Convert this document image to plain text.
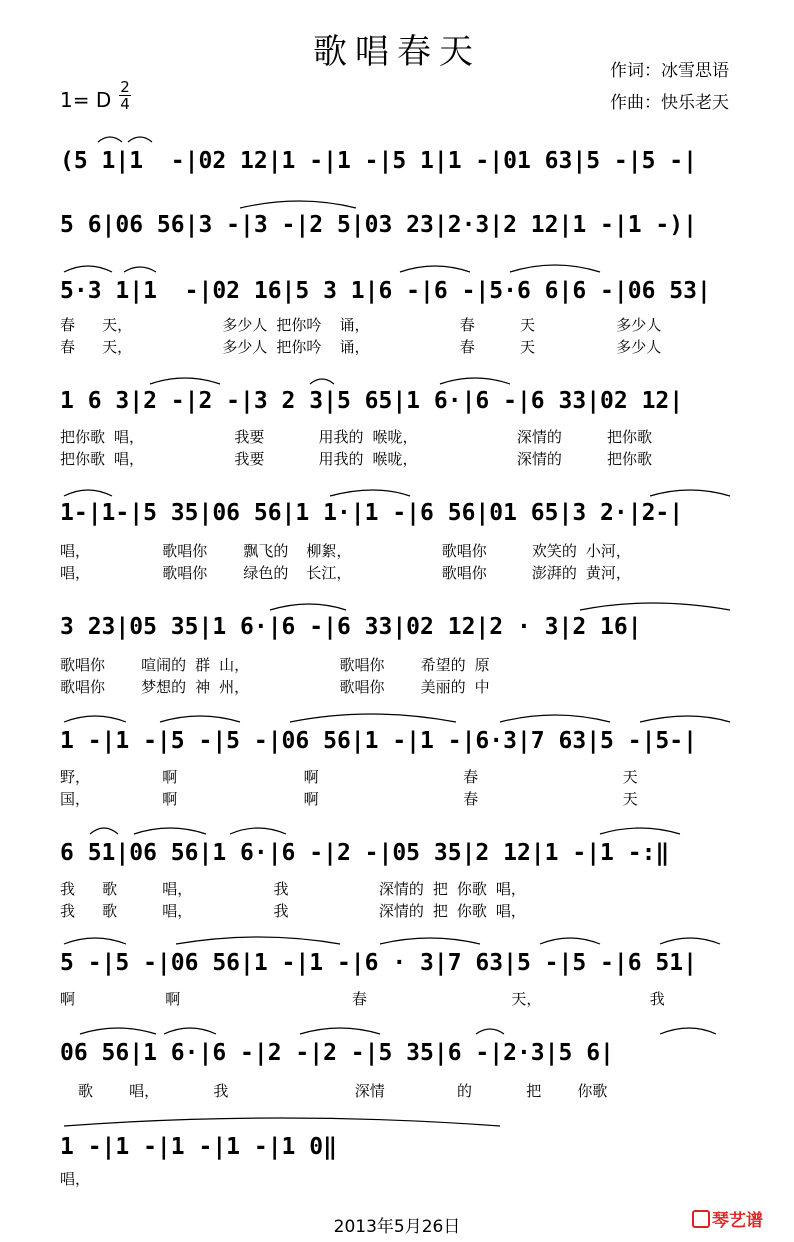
歌唱春天	作词：冰雪思语
作曲：快乐老天
1= D
2
4
(5 1|1  -|02 12|1 -|1 -|5 1|1 -|01 63|5 -|5 -|
5 6|06 56|3 -|3 -|2 5|03 23|2·3|2 12|1 -|1 -)|
5·3 1|1  -|02 16|5 3 1|6 -|6 -|5·6 6|6 -|06 53|
春   天，          多少人 把你吟  诵，          春     天         多少人
春   天，          多少人 把你吟  诵，          春     天         多少人
1 6 3|2 -|2 -|3 2 3|5 65|1 6·|6 -|6 33|02 12|
把你歌 唱，          我要      用我的 喉咙，           深情的     把你歌
把你歌 唱，          我要      用我的 喉咙，           深情的     把你歌
1-|1-|5 35|06 56|1 1·|1 -|6 56|01 65|3 2·|2-|
唱，        歌唱你    飘飞的  柳絮，          歌唱你     欢笑的 小河，
唱，        歌唱你    绿色的  长江，          歌唱你     澎湃的 黄河，
3 23|05 35|1 6·|6 -|6 33|02 12|2 · 3|2 16|
歌唱你    喧闹的 群 山，          歌唱你    希望的 原
歌唱你    梦想的 神 州，          歌唱你    美丽的 中
1 -|1 -|5 -|5 -|06 56|1 -|1 -|6·3|7 63|5 -|5-|
野，        啊              啊                春                天
国，        啊              啊                春                天
6 51|06 56|1 6·|6 -|2 -|05 35|2 12|1 -|1 -:‖
我   歌     唱，         我          深情的 把 你歌 唱，
我   歌     唱，         我          深情的 把 你歌 唱，
5 -|5 -|06 56|1 -|1 -|6 · 3|7 63|5 -|5 -|6 51|
啊          啊                   春                天，            我
06 56|1 6·|6 -|2 -|2 -|5 35|6 -|2·3|5 6|
歌    唱，      我              深情        的      把    你歌
1 -|1 -|1 -|1 -|1 0‖
唱，
2013年5月26日	琴艺谱
